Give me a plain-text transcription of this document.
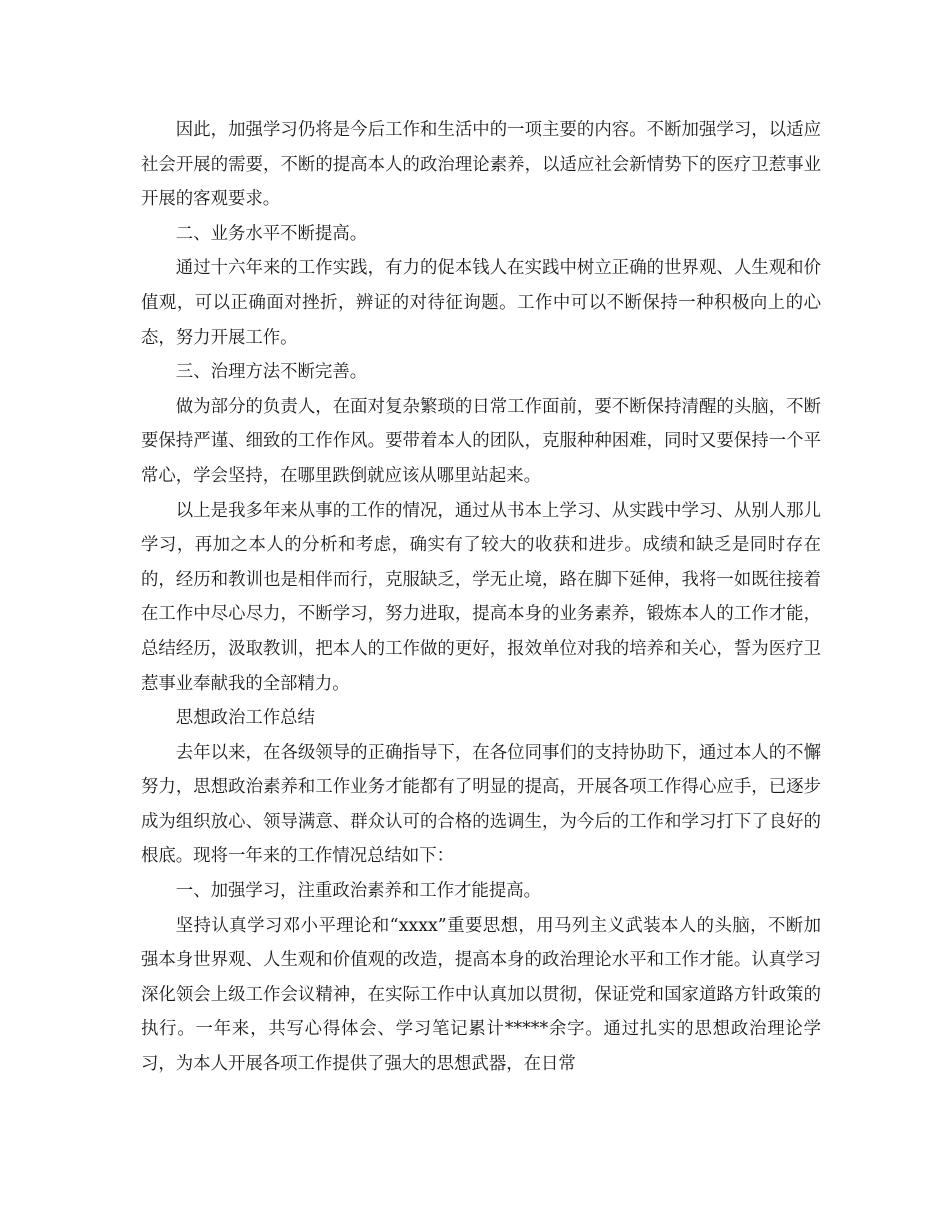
因此，加强学习仍将是今后工作和生活中的一项主要的内容。不断加强学习，以适应社会开展的需要，不断的提高本人的政治理论素养，以适应社会新情势下的医疗卫惹事业开展的客观要求。

二、业务水平不断提高。

通过十六年来的工作实践，有力的促本钱人在实践中树立正确的世界观、人生观和价值观，可以正确面对挫折，辨证的对待征询题。工作中可以不断保持一种积极向上的心态，努力开展工作。

三、治理方法不断完善。

做为部分的负责人，在面对复杂繁琐的日常工作面前，要不断保持清醒的头脑，不断要保持严谨、细致的工作作风。要带着本人的团队，克服种种困难，同时又要保持一个平常心，学会坚持，在哪里跌倒就应该从哪里站起来。

以上是我多年来从事的工作的情况，通过从书本上学习、从实践中学习、从别人那儿学习，再加之本人的分析和考虑，确实有了较大的收获和进步。成绩和缺乏是同时存在的，经历和教训也是相伴而行，克服缺乏，学无止境，路在脚下延伸，我将一如既往接着在工作中尽心尽力，不断学习，努力进取，提高本身的业务素养，锻炼本人的工作才能，总结经历，汲取教训，把本人的工作做的更好，报效单位对我的培养和关心，誓为医疗卫惹事业奉献我的全部精力。

思想政治工作总结

去年以来，在各级领导的正确指导下，在各位同事们的支持协助下，通过本人的不懈努力，思想政治素养和工作业务才能都有了明显的提高，开展各项工作得心应手，已逐步成为组织放心、领导满意、群众认可的合格的选调生，为今后的工作和学习打下了良好的根底。现将一年来的工作情况总结如下：

一、加强学习，注重政治素养和工作才能提高。

坚持认真学习邓小平理论和“xxxx”重要思想，用马列主义武装本人的头脑，不断加强本身世界观、人生观和价值观的改造，提高本身的政治理论水平和工作才能。认真学习深化领会上级工作会议精神，在实际工作中认真加以贯彻，保证党和国家道路方针政策的执行。一年来，共写心得体会、学习笔记累计*****余字。通过扎实的思想政治理论学习，为本人开展各项工作提供了强大的思想武器，在日常
